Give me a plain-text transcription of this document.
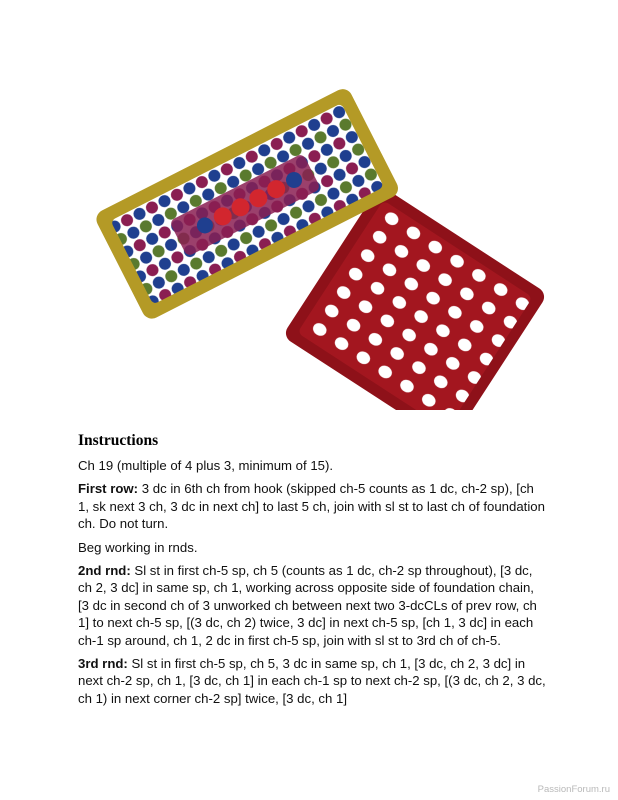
Instructions

Ch 19 (multiple of 4 plus 3, minimum of 15).

First row: 3 dc in 6th ch from hook (skipped ch-5 counts as 1 dc, ch-2 sp), [ch 1, sk next 3 ch, 3 dc in next ch] to last 5 ch, join with sl st to last ch of foundation ch. Do not turn.

Beg working in rnds.

2nd rnd: Sl st in first ch-5 sp, ch 5 (counts as 1 dc, ch-2 sp throughout), [3 dc, ch 2, 3 dc] in same sp, ch 1, working across opposite side of foundation chain, [3 dc in second ch of 3 unworked ch between next two 3-dcCLs of prev row, ch 1] to next ch-5 sp, [(3 dc, ch 2) twice, 3 dc] in next ch-5 sp, [ch 1, 3 dc] in each ch-1 sp around, ch 1, 2 dc in first ch-5 sp, join with sl st to 3rd ch of ch-5.

3rd rnd: Sl st in first ch-5 sp, ch 5, 3 dc in same sp, ch 1, [3 dc, ch 2, 3 dc] in next ch-2 sp, ch 1, [3 dc, ch 1] in each ch-1 sp to next ch-2 sp, [(3 dc, ch 2, 3 dc, ch 1) in next corner ch-2 sp] twice, [3 dc, ch 1]

PassionForum.ru
